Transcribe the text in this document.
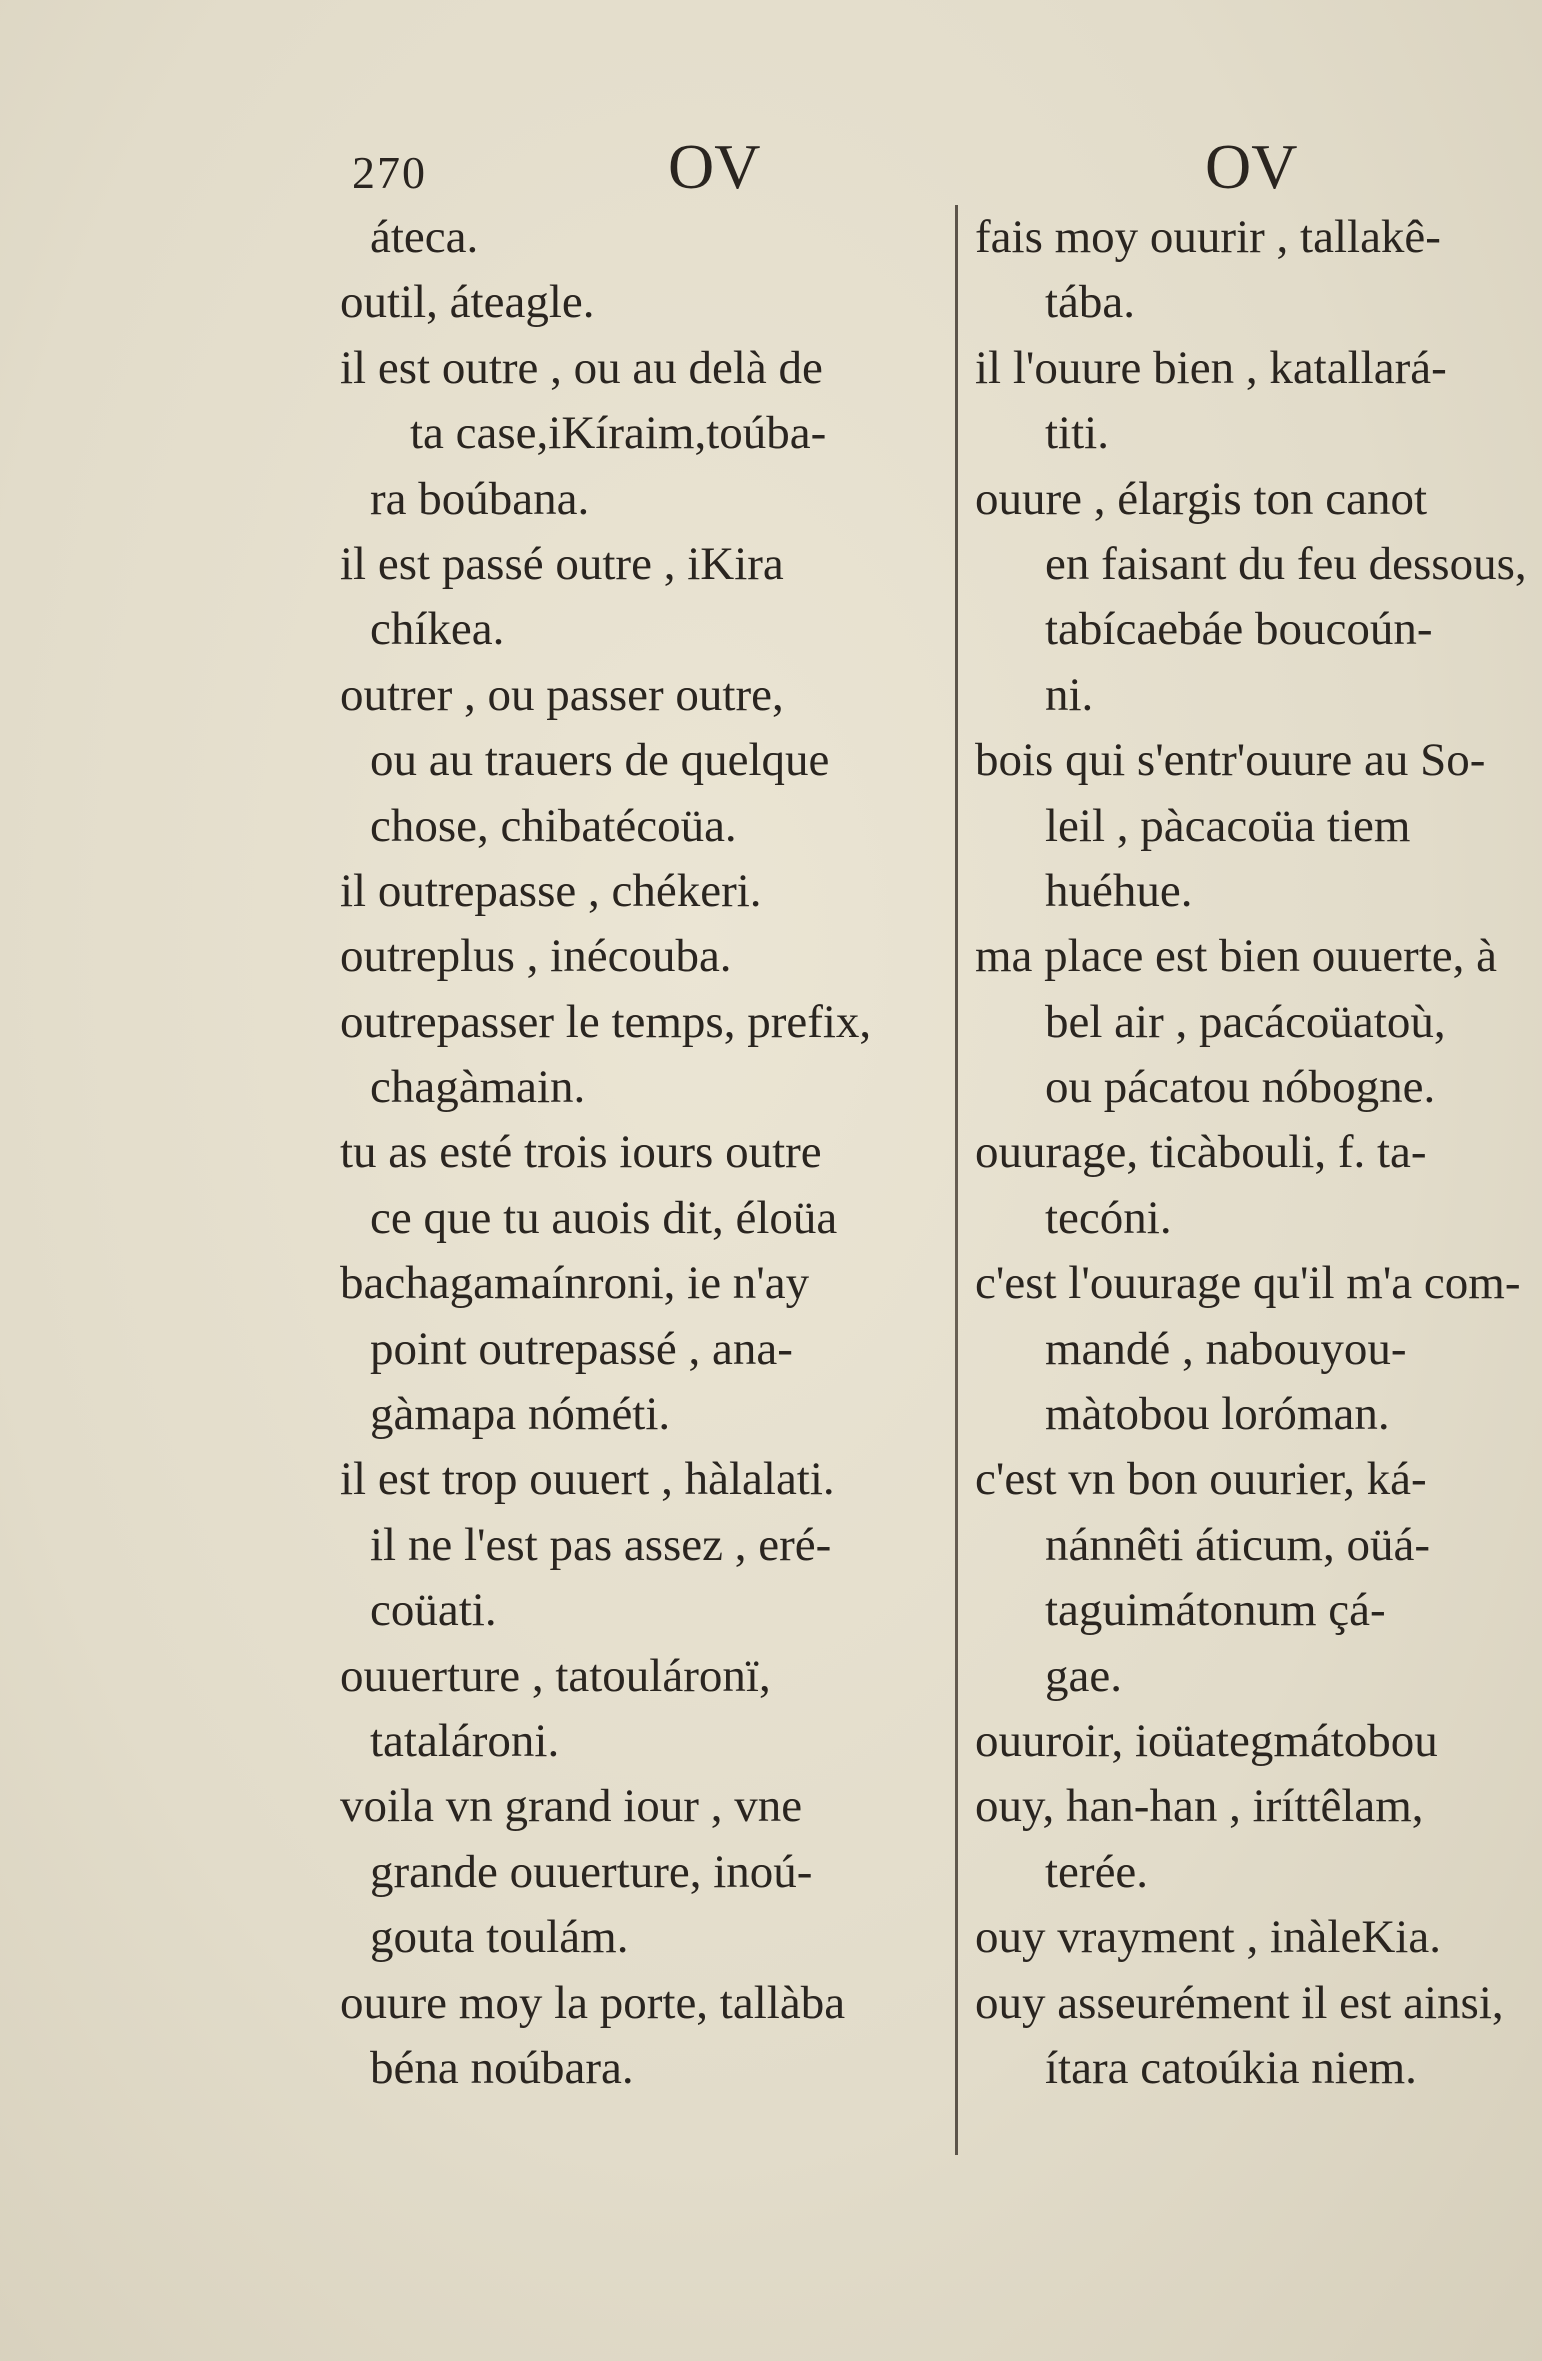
270	OV	OV
áteca.
outil, áteagle.
il est outre , ou au delà de
ta case,iKíraim,toúba-
ra boúbana.
il est passé outre , iKira
chíkea.
outrer , ou passer outre,
ou au trauers de quelque
chose, chibatécoüa.
il outrepasse , chékeri.
outreplus , inécouba.
outrepasser le temps, prefix,
chagàmain.
tu as esté trois iours outre
ce que tu auois dit, éloüa
bachagamaínroni, ie n'ay
point outrepassé , ana-
gàmapa nóméti.
il est trop ouuert , hàlalati.
il ne l'est pas assez , eré-
coüati.
ouuerture , tatouláronï,
tatalároni.
voila vn grand iour , vne
grande ouuerture, inoú-
gouta toulám.
ouure moy la porte, tallàba
béna noúbara.
fais moy ouurir , tallakê-
tába.
il l'ouure bien , katallará-
titi.
ouure , élargis ton canot
en faisant du feu dessous,
tabícaebáe boucoún-
ni.
bois qui s'entr'ouure au So-
leil , pàcacoüa tiem
huéhue.
ma place est bien ouuerte, à
bel air , pacácoüatoù,
ou pácatou nóbogne.
ouurage, ticàbouli, f. ta-
tecóni.
c'est l'ouurage qu'il m'a com-
mandé , nabouyou-
màtobou loróman.
c'est vn bon ouurier, ká-
nánnêti áticum, oüá-
taguimátonum çá-
gae.
ouuroir, ioüategmátobou
ouy, han-han , iríttêlam,
terée.
ouy vrayment , inàleKia.
ouy asseurément il est ainsi,
ítara catoúkia niem.
